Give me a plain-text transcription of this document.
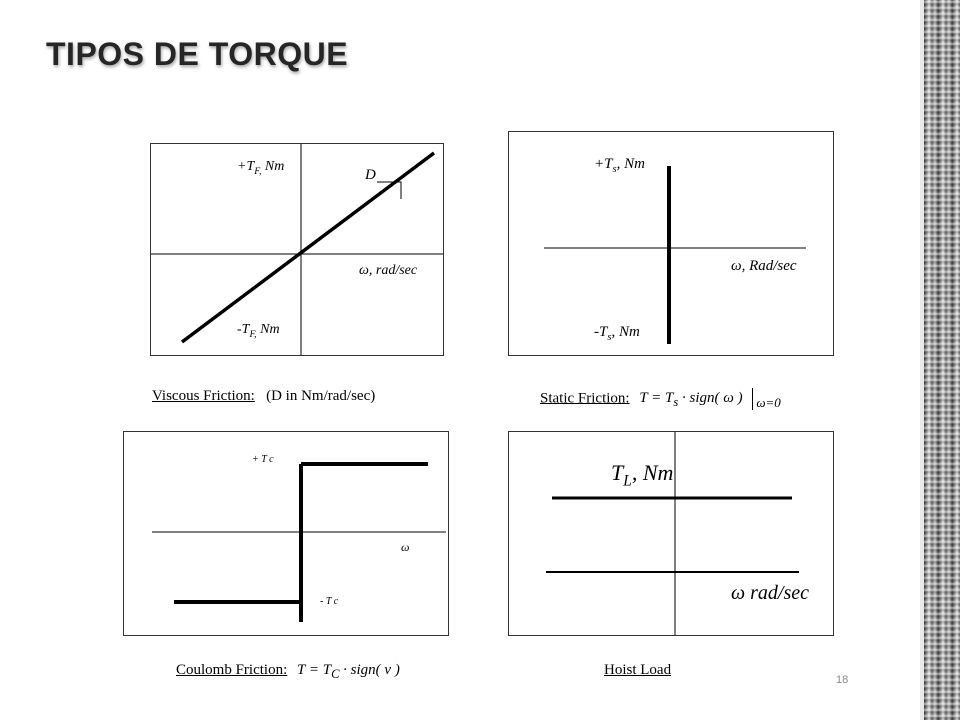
TIPOS DE TORQUE
$+T_{F,}$ Nm
D
ω, rad/sec
$-T_{F,}$ Nm
$+T_s$, Nm
ω, Rad/sec
$-T_s$, Nm
+ T c
ω
- T c
$T_L$, Nm
ω rad/sec
Viscous Friction: (D in Nm/rad/sec)	Static Friction: $T = T_s$ · sign( ω ) ω=0
Coulomb Friction: $T = T_C$ · sign( v )	Hoist Load
18
